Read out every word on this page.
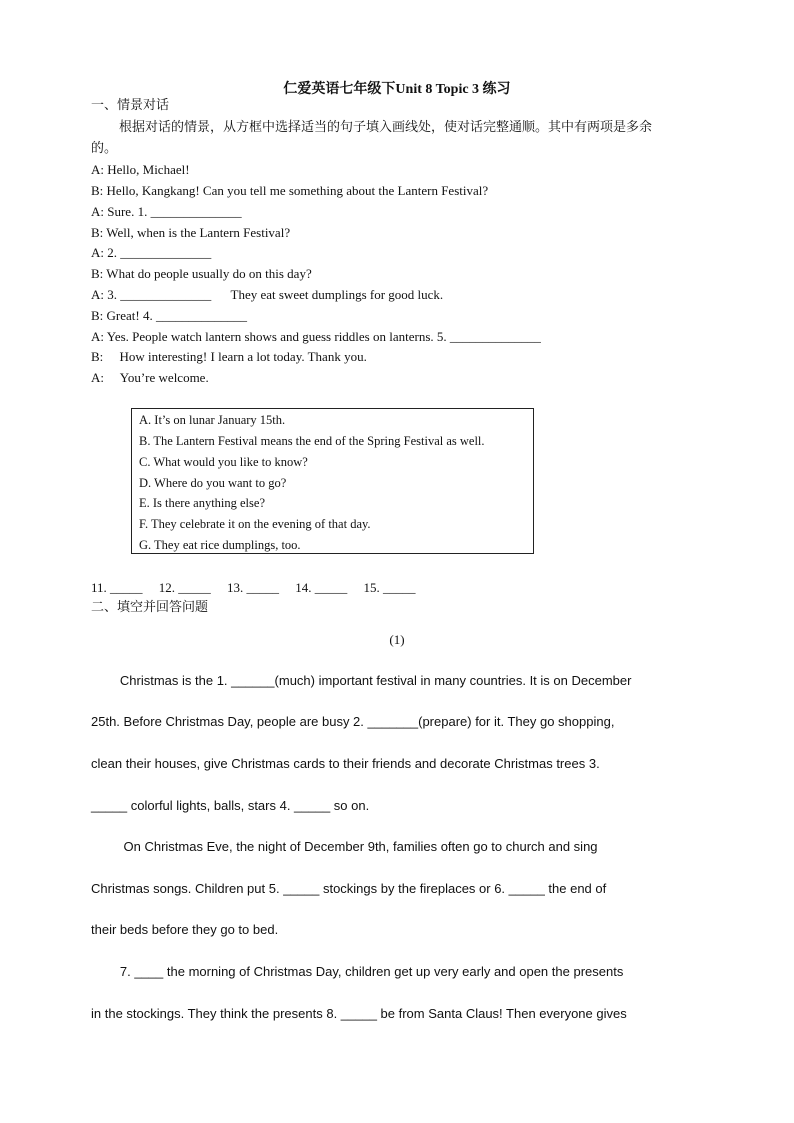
仁爱英语七年级下Unit 8 Topic 3 练习
一、情景对话
根据对话的情景，从方框中选择适当的句子填入画线处，使对话完整通顺。其中有两项是多余
的。
A: Hello, Michael!
B: Hello, Kangkang! Can you tell me something about the Lantern Festival?
A: Sure. 1. ______________
B: Well, when is the Lantern Festival?
A: 2. ______________
B: What do people usually do on this day?
A: 3. ______________      They eat sweet dumplings for good luck.
B: Great! 4. ______________
A: Yes. People watch lantern shows and guess riddles on lanterns. 5. ______________
B:     How interesting! I learn a lot today. Thank you.
A:     You’re welcome.
A. It’s on lunar January 15th.
B. The Lantern Festival means the end of the Spring Festival as well.
C. What would you like to know?
D. Where do you want to go?
E. Is there anything else?
F. They celebrate it on the evening of that day.
G. They eat rice dumplings, too.
11. _____     12. _____     13. _____     14. _____     15. _____
二、填空并回答问题
(1)
Christmas is the 1. ______(much) important festival in many countries. It is on December
25th. Before Christmas Day, people are busy 2. _______(prepare) for it. They go shopping,
clean their houses, give Christmas cards to their friends and decorate Christmas trees 3.
_____ colorful lights, balls, stars 4. _____ so on.
On Christmas Eve, the night of December 9th, families often go to church and sing
Christmas songs. Children put 5. _____ stockings by the fireplaces or 6. _____ the end of
their beds before they go to bed.
7. ____ the morning of Christmas Day, children get up very early and open the presents
in the stockings. They think the presents 8. _____ be from Santa Claus! Then everyone gives
